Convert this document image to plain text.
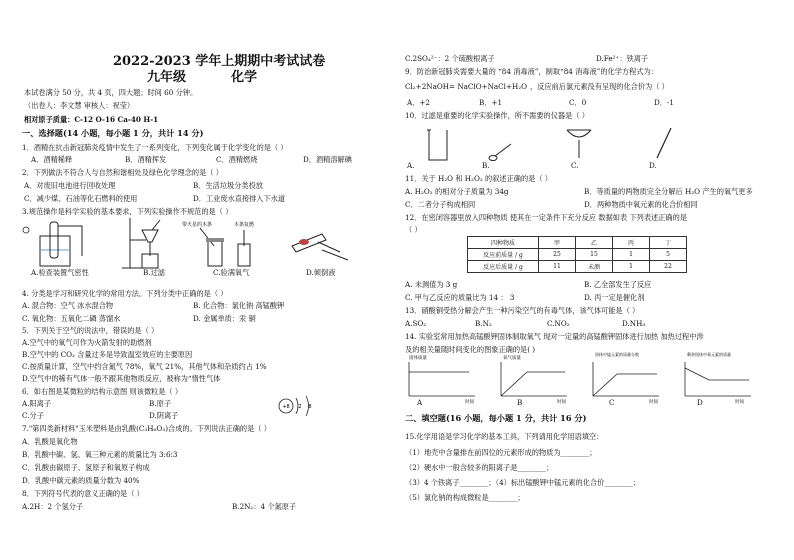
2022-2023 学年上期期中考试试卷
九年级	化学
本试卷满分 50 分，共 4 页，四大题；时间 60 分钟。
（出卷人：李文慧 审核人：祝莹）
相对原子质量：C-12 O-16 Ca-40 H-1
一、选择题(14 小题，每小题 1 分，共计 14 分)
1．酒精在抗击新冠肺炎疫情中发生了一系列变化，下列变化属于化学变化的是（ ）
A．酒精稀释	B．酒精挥发	C．酒精燃烧	D．酒精溶解碘
2．下列做法不符合人与自然和谐相处及绿色化学理念的是（ ）
A．对废旧电池进行回收处理	B．生活垃圾分类投放
C．减少煤、石油等化石燃料的使用	D．工业废水直接排入下水道
3.规范操作是科学实验的基本要求，下列实验操作不规范的是（ ）
带火星的木条	木条复燃
A.检查装置气密性	B.过滤	C.验满氧气	D.倾倒液
4. 分类是学习和研究化学的常用方法。下列分类中正确的是（ ）
A. 混合物：空气 冰水混合物	B. 化合物：氯化钠 高锰酸钾
C. 氧化物：五氧化二磷 蒸馏水	D. 金属单质：汞 铜
5．下列关于空气的说法中，错误的是（ ）
A.空气中的氧气可作为火箭发射的助燃剂
B.空气中的 CO₂ 含量过多是导致温室效应的主要原因
C.按质量计算，空气中约含氮气 78%，氧气 21%，其他气体和杂质约占 1%
D.空气中的稀有气体一般不跟其他物质反应，被称为“惰性气体
6．如右图是某微粒的结构示意图 则该微粒是（ ）
A.阳离子	B.原子
C.分子	D.阴离子
+8 2 8
7."第四类新材料"玉米塑料是由乳酸(C₃H₆O₃)合成的。下列说法正确的是（ ）
A．乳酸是氧化物
B．乳酸中碳、氢、氧三种元素的质量比为 3:6:3
C．乳酸由碳原子、氢原子和氧原子构成
D．乳酸中碳元素的质量分数为 40%
8．下列符号代表的意义正确的是（ ）
A.2H：2 个氢分子	B.2N₂：4 个氮原子
C.2SO₄²⁻：2 个硫酸根离子	D.Fe²⁺：铁离子
9．防治新冠肺炎需要大量的 “84 消毒液”，制取“84 消毒液”的化学方程式为：
Cl₂+2NaOH= NaClO+NaCl+H₂O ，反应前后氯元素没有呈现的化合价为（ ）
A．+2	B．+1	C．0	D．-1
10．过滤是重要的化学实验操作，所不需要的仪器是（ ）
A.	B.	C.	D.
11．关于 H₂O 和 H₂O₂ 的叙述正确的是（ ）
A. H₂O₂ 的相对分子质量为 34g	B．等质量的两物质完全分解后 H₂O 产生的氧气更多
C．二者分子构成相同	D．两种物质中氧元素的化合价相同
12．在密闭容器里放入四种物质 使其在一定条件下充分反应 数据如表 下列表述正确的是
（ ）
四种物质	甲	乙	丙	丁
反应前质量 / g	25	15	1	5
反应后质量 / g	11	未测	1	22
A. 未测值为 3 g	B. 乙全部发生了反应
C. 甲与乙反应的质量比为 14 ： 3	D. 丙一定是催化剂
13．硝酸铜受热分解会产生一种污染空气的有毒气体，该气体可能是（ ）
A.SO₂	B.N₂	C.NO₂	D.NH₃
14. 实验室常用加热高锰酸钾固体制取氧气 现对一定量的高锰酸钾固体进行加热 加热过程中涉
及的相关量随时间变化的图象正确的是( )
固体质量
时间
氧气质量
时间
固体中锰元素的质量分数
时间
剩余固体中氧元素的质量
时间
A	B	C	D
二、填空题(16 小题，每小题 1 分，共计 16 分)
15.化学用语是学习化学的基本工具，下列请用化学用语填空：
（1）地壳中含量排在前四位的元素形成的物质为________；
（2）硬水中一般含较多的阳离子是________；
（3）4 个铁离子________；（4）标出锰酸钾中锰元素的化合价________；
（5）氯化钠的构成微粒是________；
